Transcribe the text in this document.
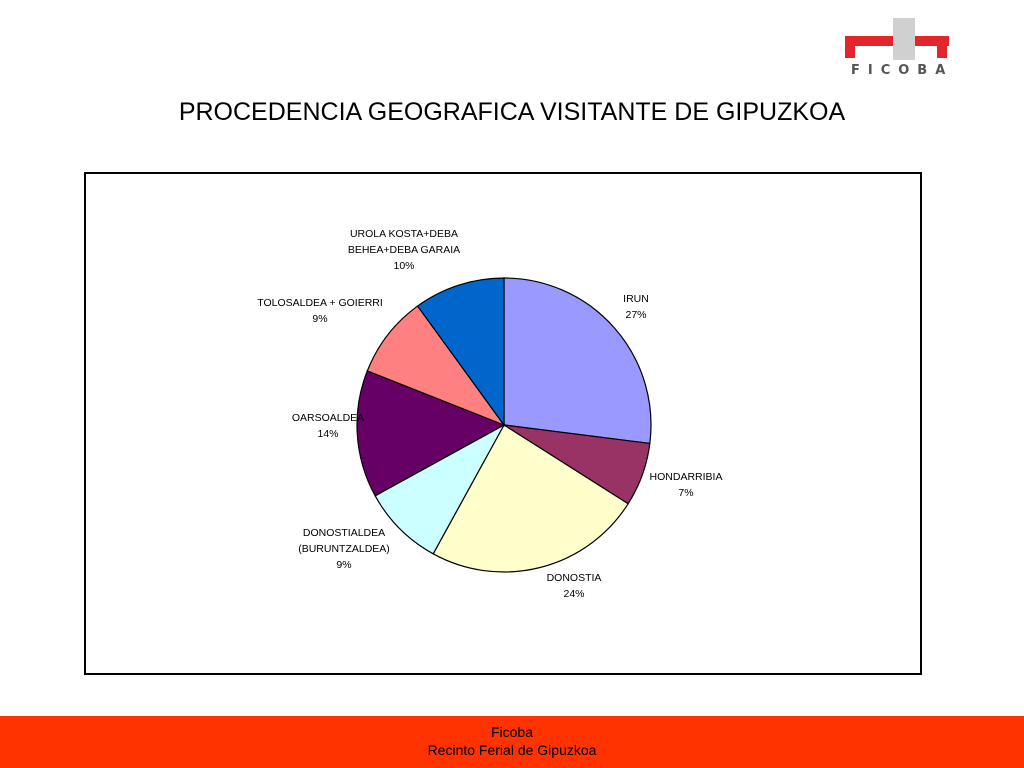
FICOBA
PROCEDENCIA GEOGRAFICA VISITANTE DE GIPUZKOA
IRUN 27%
HONDARRIBIA 7%
DONOSTIA 24%
DONOSTIALDEA (BURUNTZALDEA) 9%
OARSOALDEA 14%
TOLOSALDEA + GOIERRI 9%
UROLA KOSTA+DEBA BEHEA+DEBA GARAIA 10%
Ficoba
Recinto Ferial de Gipuzkoa
